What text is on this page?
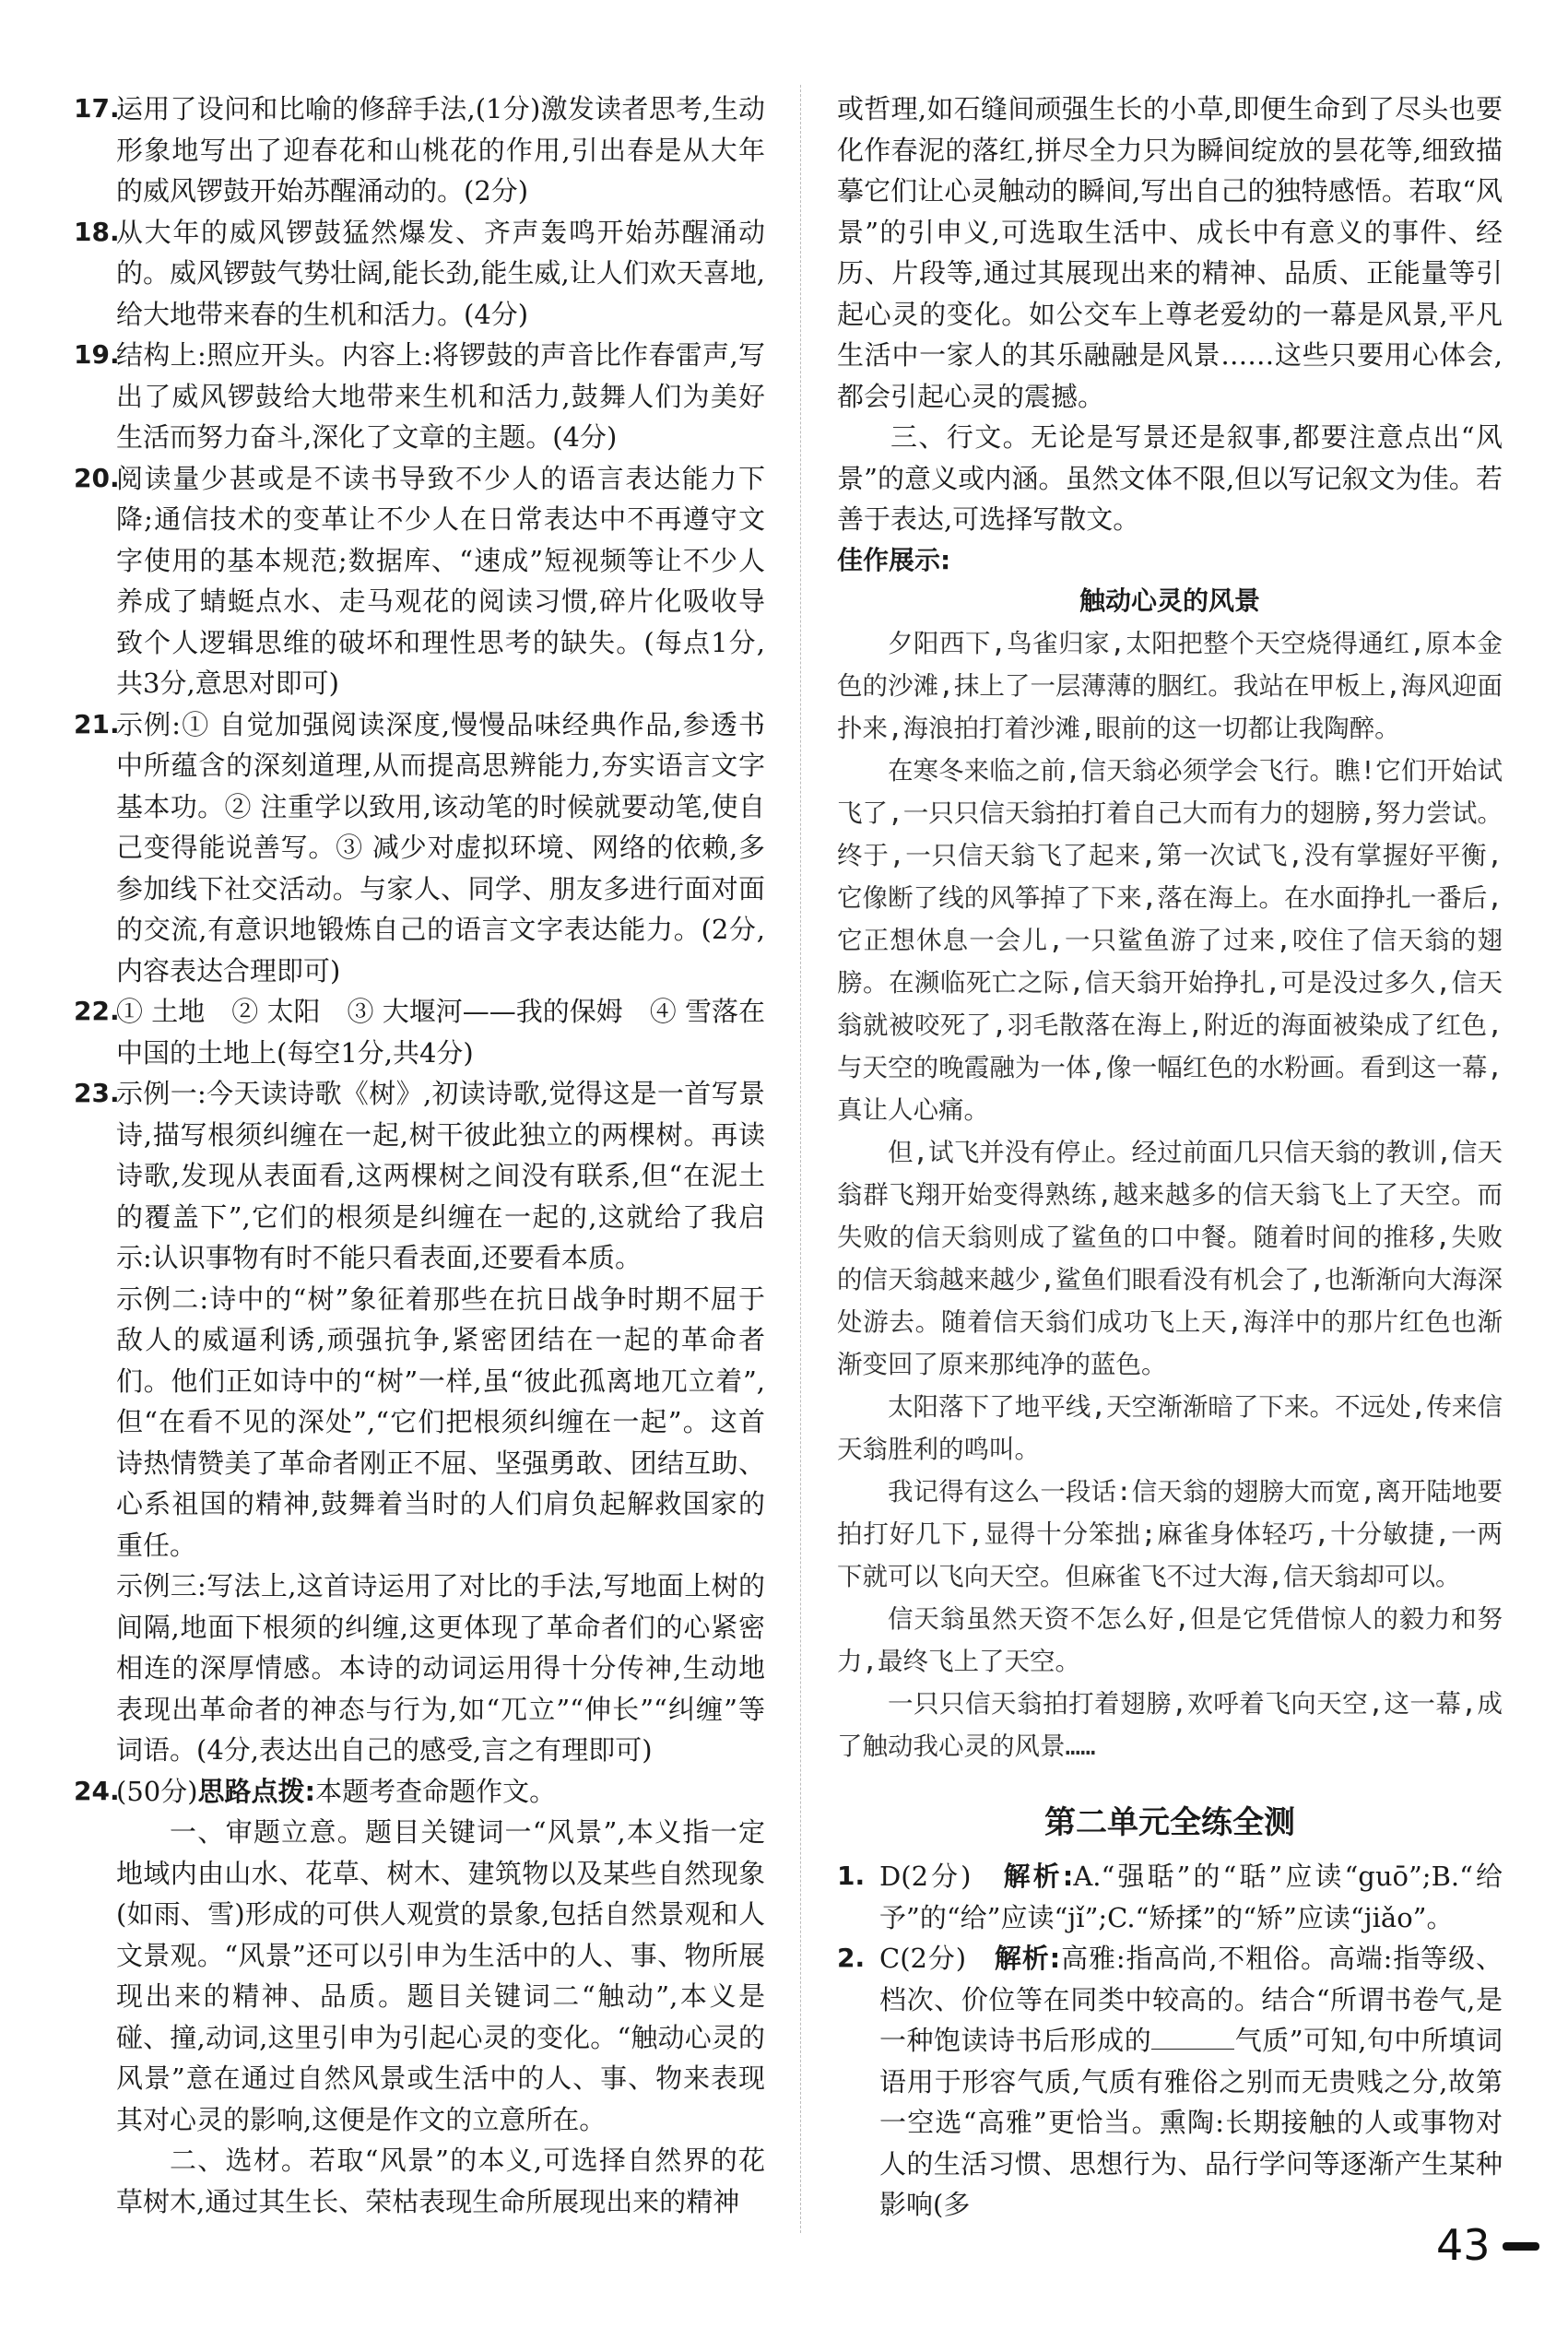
17.
运用了设问和比喻的修辞手法,(1分)激发读者思考,生动形象地写出了迎春花和山桃花的作用,引出春是从大年的威风锣鼓开始苏醒涌动的。(2分)
18.
从大年的威风锣鼓猛然爆发、齐声轰鸣开始苏醒涌动的。威风锣鼓气势壮阔,能长劲,能生威,让人们欢天喜地,给大地带来春的生机和活力。(4分)
19.
结构上:照应开头。内容上:将锣鼓的声音比作春雷声,写出了威风锣鼓给大地带来生机和活力,鼓舞人们为美好生活而努力奋斗,深化了文章的主题。(4分)
20.
阅读量少甚或是不读书导致不少人的语言表达能力下降;通信技术的变革让不少人在日常表达中不再遵守文字使用的基本规范;数据库、“速成”短视频等让不少人养成了蜻蜓点水、走马观花的阅读习惯,碎片化吸收导致个人逻辑思维的破坏和理性思考的缺失。(每点1分,共3分,意思对即可)
21.
示例:① 自觉加强阅读深度,慢慢品味经典作品,参透书中所蕴含的深刻道理,从而提高思辨能力,夯实语言文字基本功。② 注重学以致用,该动笔的时候就要动笔,使自己变得能说善写。③ 减少对虚拟环境、网络的依赖,多参加线下社交活动。与家人、同学、朋友多进行面对面的交流,有意识地锻炼自己的语言文字表达能力。(2分,内容表达合理即可)
22.
① 土地　② 太阳　③ 大堰河——我的保姆　④ 雪落在中国的土地上(每空1分,共4分)
23.
示例一:今天读诗歌《树》,初读诗歌,觉得这是一首写景诗,描写根须纠缠在一起,树干彼此独立的两棵树。再读诗歌,发现从表面看,这两棵树之间没有联系,但“在泥土的覆盖下”,它们的根须是纠缠在一起的,这就给了我启示:认识事物有时不能只看表面,还要看本质。
示例二:诗中的“树”象征着那些在抗日战争时期不屈于敌人的威逼利诱,顽强抗争,紧密团结在一起的革命者们。他们正如诗中的“树”一样,虽“彼此孤离地兀立着”,但“在看不见的深处”,“它们把根须纠缠在一起”。这首诗热情赞美了革命者刚正不屈、坚强勇敢、团结互助、心系祖国的精神,鼓舞着当时的人们肩负起解救国家的重任。
示例三:写法上,这首诗运用了对比的手法,写地面上树的间隔,地面下根须的纠缠,这更体现了革命者们的心紧密相连的深厚情感。本诗的动词运用得十分传神,生动地表现出革命者的神态与行为,如“兀立”“伸长”“纠缠”等词语。(4分,表达出自己的感受,言之有理即可)
24.
(50分)思路点拨:本题考查命题作文。
一、审题立意。题目关键词一“风景”,本义指一定地域内由山水、花草、树木、建筑物以及某些自然现象(如雨、雪)形成的可供人观赏的景象,包括自然景观和人文景观。“风景”还可以引申为生活中的人、事、物所展现出来的精神、品质。题目关键词二“触动”,本义是碰、撞,动词,这里引申为引起心灵的变化。“触动心灵的风景”意在通过自然风景或生活中的人、事、物来表现其对心灵的影响,这便是作文的立意所在。
二、选材。若取“风景”的本义,可选择自然界的花草树木,通过其生长、荣枯表现生命所展现出来的精神
或哲理,如石缝间顽强生长的小草,即便生命到了尽头也要化作春泥的落红,拼尽全力只为瞬间绽放的昙花等,细致描摹它们让心灵触动的瞬间,写出自己的独特感悟。若取“风景”的引申义,可选取生活中、成长中有意义的事件、经历、片段等,通过其展现出来的精神、品质、正能量等引起心灵的变化。如公交车上尊老爱幼的一幕是风景,平凡生活中一家人的其乐融融是风景……这些只要用心体会,都会引起心灵的震撼。
三、行文。无论是写景还是叙事,都要注意点出“风景”的意义或内涵。虽然文体不限,但以写记叙文为佳。若善于表达,可选择写散文。
佳作展示:
触动心灵的风景

夕阳西下,鸟雀归家,太阳把整个天空烧得通红,原本金色的沙滩,抹上了一层薄薄的胭红。我站在甲板上,海风迎面扑来,海浪拍打着沙滩,眼前的这一切都让我陶醉。

在寒冬来临之前,信天翁必须学会飞行。瞧!它们开始试飞了,一只只信天翁拍打着自己大而有力的翅膀,努力尝试。终于,一只信天翁飞了起来,第一次试飞,没有掌握好平衡,它像断了线的风筝掉了下来,落在海上。在水面挣扎一番后,它正想休息一会儿,一只鲨鱼游了过来,咬住了信天翁的翅膀。在濒临死亡之际,信天翁开始挣扎,可是没过多久,信天翁就被咬死了,羽毛散落在海上,附近的海面被染成了红色,与天空的晚霞融为一体,像一幅红色的水粉画。看到这一幕,真让人心痛。

但,试飞并没有停止。经过前面几只信天翁的教训,信天翁群飞翔开始变得熟练,越来越多的信天翁飞上了天空。而失败的信天翁则成了鲨鱼的口中餐。随着时间的推移,失败的信天翁越来越少,鲨鱼们眼看没有机会了,也渐渐向大海深处游去。随着信天翁们成功飞上天,海洋中的那片红色也渐渐变回了原来那纯净的蓝色。

太阳落下了地平线,天空渐渐暗了下来。不远处,传来信天翁胜利的鸣叫。

我记得有这么一段话:信天翁的翅膀大而宽,离开陆地要拍打好几下,显得十分笨拙;麻雀身体轻巧,十分敏捷,一两下就可以飞向天空。但麻雀飞不过大海,信天翁却可以。

信天翁虽然天资不怎么好,但是它凭借惊人的毅力和努力,最终飞上了天空。

一只只信天翁拍打着翅膀,欢呼着飞向天空,这一幕,成了触动我心灵的风景……

第二单元全练全测
1. D(2分)　 解析:A.“强聒”的“聒”应读“guō”;B.“给予”的“给”应读“jǐ”;C.“矫揉”的“矫”应读“jiǎo”。
2. C(2分)　 解析:高雅:指高尚,不粗俗。高端:指等级、档次、价位等在同类中较高的。结合“所谓书卷气,是一种饱读诗书后形成的	气质”可知,句中所填词语用于形容气质,气质有雅俗之别而无贵贱之分,故第一空选“高雅”更恰当。熏陶:长期接触的人或事物对人的生活习惯、思想行为、品行学问等逐渐产生某种影响(多
43
